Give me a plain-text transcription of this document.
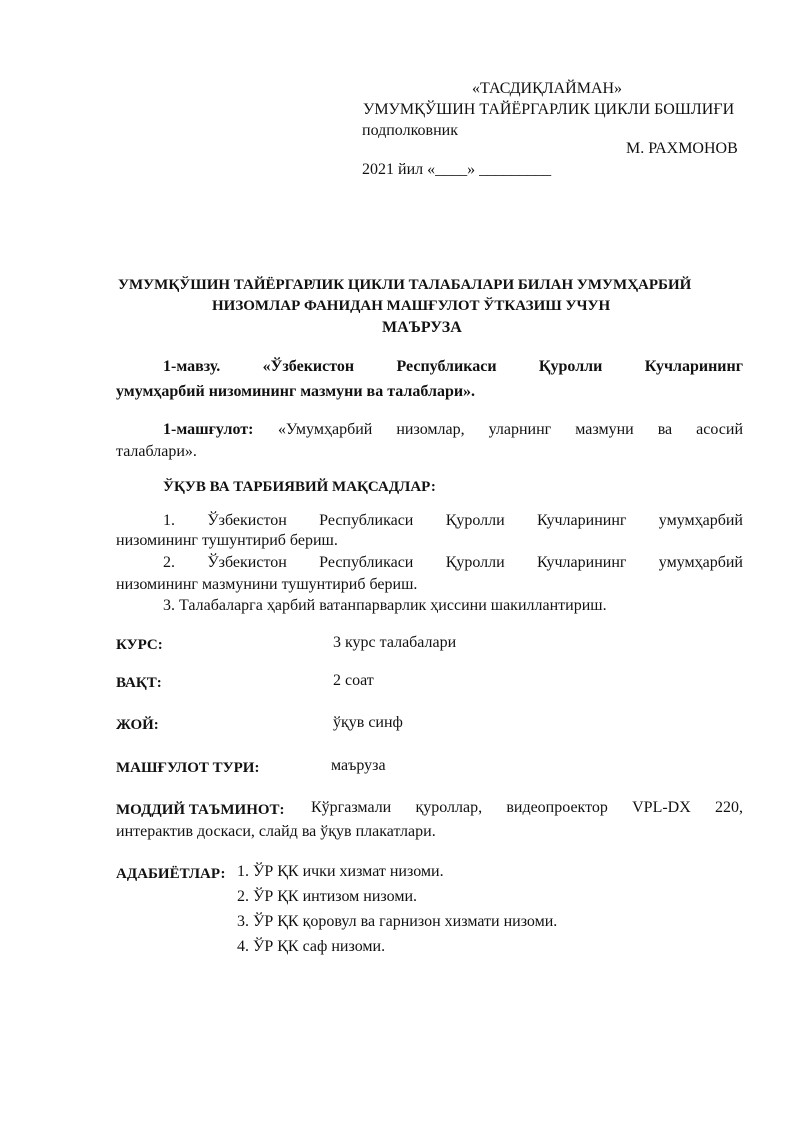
«ТАСДИҚЛАЙМАН»
УМУМҚЎШИН ТАЙЁРГАРЛИК ЦИКЛИ БОШЛИҒИ
подполковник
М. РАХМОНОВ
2021 йил «____» _________
УМУМҚЎШИН ТАЙЁРГАРЛИК ЦИКЛИ ТАЛАБАЛАРИ БИЛАН УМУМҲАРБИЙ
НИЗОМЛАР ФАНИДАН МАШҒУЛОТ ЎТКАЗИШ УЧУН
МАЪРУЗА
1-мавзу. «Ўзбекистон Республикаси Қуролли Кучларининг
умумҳарбий низомининг мазмуни ва талаблари».
1-машғулот: «Умумҳарбий низомлар, уларнинг мазмуни ва асосий
талаблари».
ЎҚУВ ВА ТАРБИЯВИЙ МАҚСАДЛАР:
1. Ўзбекистон Республикаси Қуролли Кучларининг умумҳарбий
низомининг тушунтириб бериш.
2. Ўзбекистон Республикаси Қуролли Кучларининг умумҳарбий
низомининг мазмунини тушунтириб бериш.
3. Талабаларга ҳарбий ватанпарварлик ҳиссини шакиллантириш.
КУРС:	3 курс талабалари
ВАҚТ:	2 соат
ЖОЙ:	ўқув синф
МАШҒУЛОТ ТУРИ:	маъруза
МОДДИЙ ТАЪМИНОТ: Кўргазмали қуроллар, видеопроектор VPL-DX 220,
интерактив доскаси, слайд ва ўқув плакатлари.
АДАБИЁТЛАР: 1. ЎР ҚК ички хизмат низоми.
2. ЎР ҚК интизом низоми.
3. ЎР ҚК қоровул ва гарнизон хизмати низоми.
4. ЎР ҚК саф низоми.
